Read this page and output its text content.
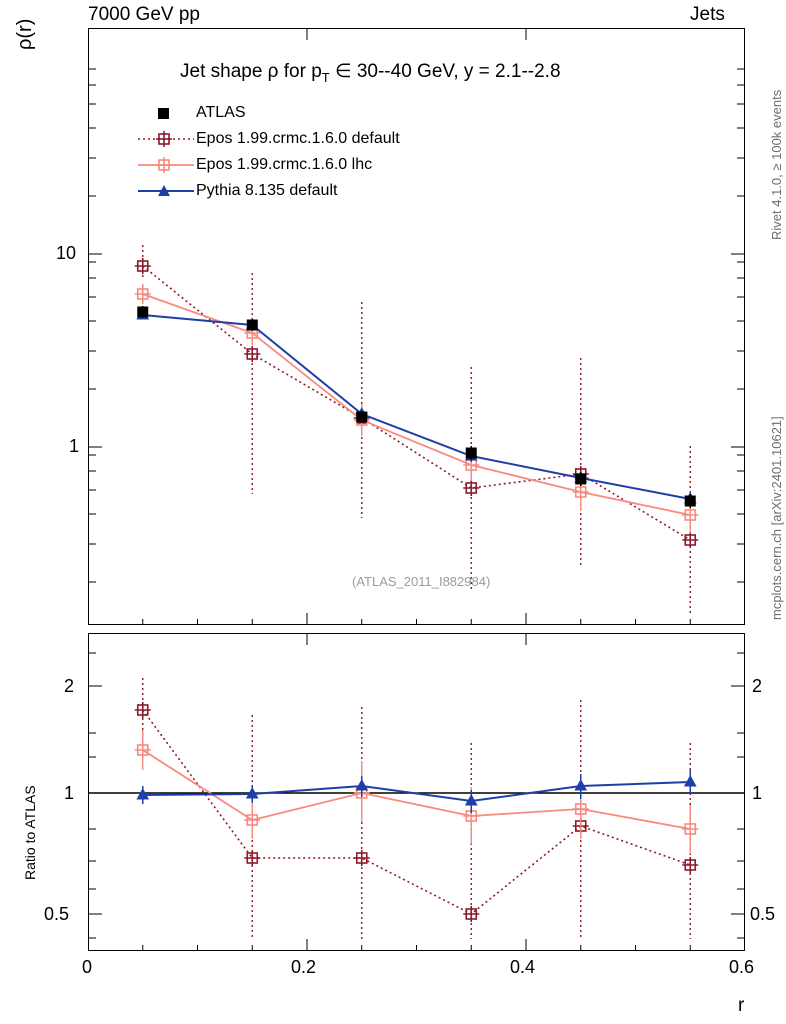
7000 GeV pp	Jets
Rivet 4.1.0, ≥ 100k events
mcplots.cern.ch [arXiv:2401.10621]
ρ(r)
Ratio to ATLAS
r
10
1
Jet shape ρ for $p_T$ ∈ 30--40 GeV, y = 2.1--2.8
ATLAS
Epos 1.99.crmc.1.6.0 default
Epos 1.99.crmc.1.6.0 lhc
Pythia 8.135 default
(ATLAS_2011_I882984)
2
1
0.5
2
1
0.5
0	0.2	0.4	0.6
